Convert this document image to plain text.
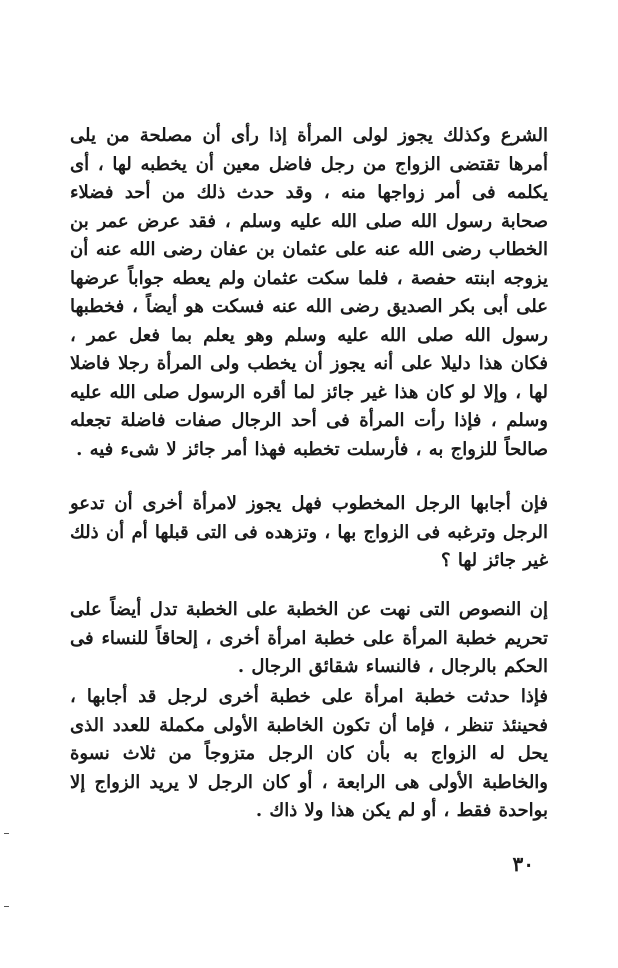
الشرع وكذلك يجوز لولى المرأة إذا رأى أن مصلحة من يلى أمرها تقتضى الزواج من رجل فاضل معين أن يخطبه لها ، أى يكلمه فى أمر زواجها منه ، وقد حدث ذلك من أحد فضلاء صحابة رسول الله صلى الله عليه وسلم ، فقد عرض عمر بن الخطاب رضى الله عنه على عثمان بن عفان رضى الله عنه أن يزوجه ابنته حفصة ، فلما سكت عثمان ولم يعطه جواباً عرضها على أبى بكر الصديق رضى الله عنه فسكت هو أيضاً ، فخطبها رسول الله صلى الله عليه وسلم وهو يعلم بما فعل عمر ، فكان هذا دليلا على أنه يجوز أن يخطب ولى المرأة رجلا فاضلا لها ، وإلا لو كان هذا غير جائز لما أقره الرسول صلى الله عليه وسلم ، فإذا رأت المرأة فى أحد الرجال صفات فاضلة تجعله صالحاً للزواج به ، فأرسلت تخطبه فهذا أمر جائز لا شىء فيه .
فإن أجابها الرجل المخطوب فهل يجوز لامرأة أخرى أن تدعو الرجل وترغبه فى الزواج بها ، وتزهده فى التى قبلها أم أن ذلك غير جائز لها ؟
إن النصوص التى نهت عن الخطبة على الخطبة تدل أيضاً على تحريم خطبة المرأة على خطبة امرأة أخرى ، إلحاقاً للنساء فى الحكم بالرجال ، فالنساء شقائق الرجال .
فإذا حدثت خطبة امرأة على خطبة أخرى لرجل قد أجابها ، فحينئذ تنظر ، فإما أن تكون الخاطبة الأولى مكملة للعدد الذى يحل له الزواج به بأن كان الرجل متزوجاً من ثلاث نسوة والخاطبة الأولى هى الرابعة ، أو كان الرجل لا يريد الزواج إلا بواحدة فقط ، أو لم يكن هذا ولا ذاك .
٣٠
